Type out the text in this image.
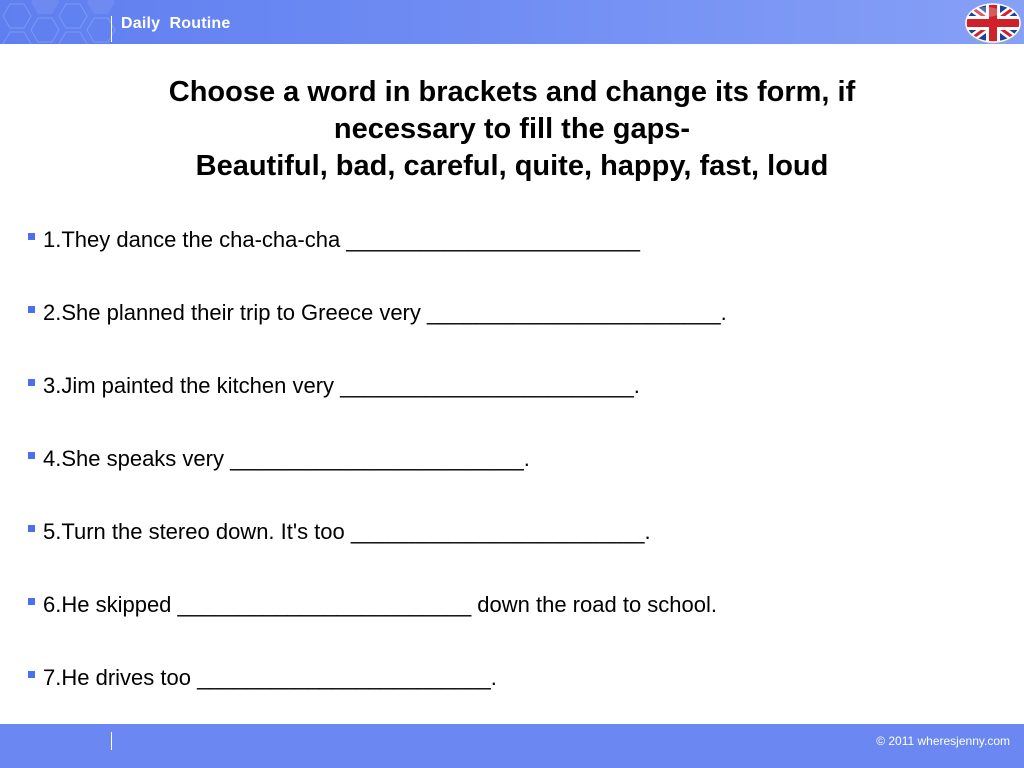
Daily  Routine
Choose a word in brackets and change its form, if
necessary to fill the gaps-
Beautiful, bad, careful, quite, happy, fast, loud
1.They dance the cha-cha-cha ________________________
2.She planned their trip to Greece very ________________________.
3.Jim painted the kitchen very ________________________.
4.She speaks very ________________________.
5.Turn the stereo down. It's too ________________________.
6.He skipped ________________________ down the road to school.
7.He drives too ________________________.
© 2011 wheresjenny.com
